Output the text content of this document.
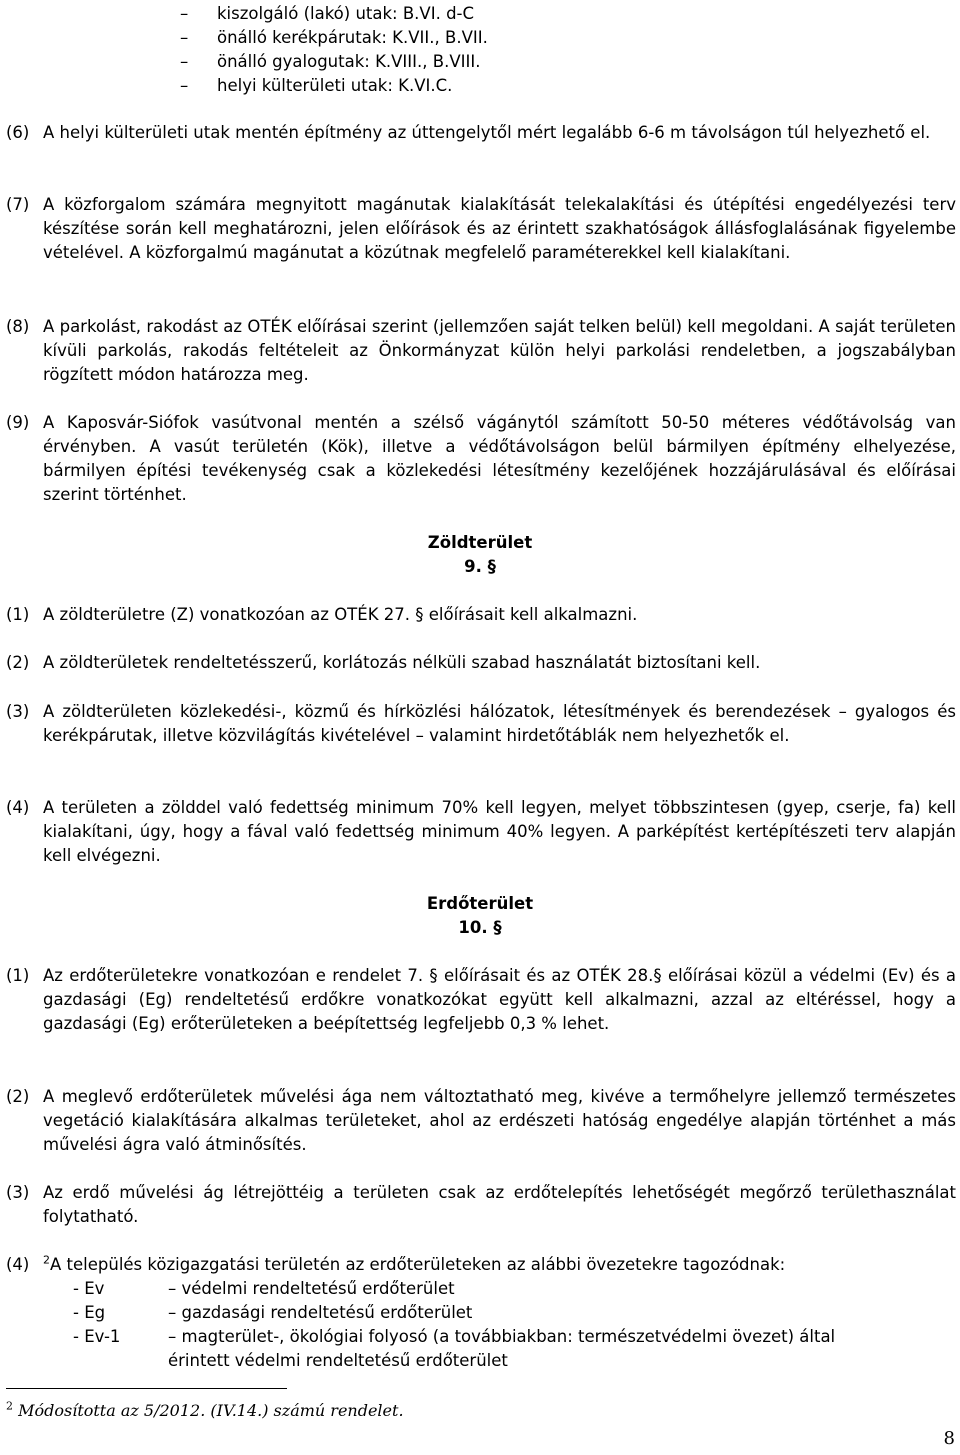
–	kiszolgáló (lakó) utak: B.VI. d-C
–	önálló kerékpárutak: K.VII., B.VII.
–	önálló gyalogutak: K.VIII., B.VIII.
–	helyi külterületi utak: K.VI.C.
(6) A helyi külterületi utak mentén építmény az úttengelytől mért legalább 6-6 m távolságon túl helyezhető el.
(7) A közforgalom számára megnyitott magánutak kialakítását telekalakítási és útépítési engedélyezési terv készítése során kell meghatározni, jelen előírások és az érintett szakhatóságok állásfoglalásának figyelembe vételével. A közforgalmú magánutat a közútnak megfelelő paraméterekkel kell kialakítani.
(8) A parkolást, rakodást az OTÉK előírásai szerint (jellemzően saját telken belül) kell megoldani. A saját területen kívüli parkolás, rakodás feltételeit az Önkormányzat külön helyi parkolási rendeletben, a jogszabályban rögzített módon határozza meg.
(9) A Kaposvár-Siófok vasútvonal mentén a szélső vágánytól számított 50-50 méteres védőtávolság van érvényben. A vasút területén (Kök), illetve a védőtávolságon belül bármilyen építmény elhelyezése, bármilyen építési tevékenység csak a közlekedési létesítmény kezelőjének hozzájárulásával és előírásai szerint történhet.
Zöldterület
9. §
(1) A zöldterületre (Z) vonatkozóan az OTÉK 27. § előírásait kell alkalmazni.
(2) A zöldterületek rendeltetésszerű, korlátozás nélküli szabad használatát biztosítani kell.
(3) A zöldterületen közlekedési-, közmű és hírközlési hálózatok, létesítmények és berendezések – gyalogos és kerékpárutak, illetve közvilágítás kivételével – valamint hirdetőtáblák nem helyezhetők el.
(4) A területen a zölddel való fedettség minimum 70% kell legyen, melyet többszintesen (gyep, cserje, fa) kell kialakítani, úgy, hogy a fával való fedettség minimum 40% legyen. A parképítést kertépítészeti terv alapján kell elvégezni.
Erdőterület
10. §
(1) Az erdőterületekre vonatkozóan e rendelet 7. § előírásait és az OTÉK 28.§ előírásai közül a védelmi (Ev) és a gazdasági (Eg) rendeltetésű erdőkre vonatkozókat együtt kell alkalmazni, azzal az eltéréssel, hogy a gazdasági (Eg) erőterületeken a beépítettség legfeljebb 0,3 % lehet.
(2) A meglevő erdőterületek művelési ága nem változtatható meg, kivéve a termőhelyre jellemző természetes vegetáció kialakítására alkalmas területeket, ahol az erdészeti hatóság engedélye alapján történhet a más művelési ágra való átminősítés.
(3) Az erdő művelési ág létrejöttéig a területen csak az erdőtelepítés lehetőségét megőrző területhasználat folytatható.
(4)	$^2$A település közigazgatási területén az erdőterületeken az alábbi övezetekre tagozódnak:
- Ev	– védelmi rendeltetésű erdőterület
- Eg	– gazdasági rendeltetésű erdőterület
- Ev-1	– magterület-, ökológiai folyosó (a továbbiakban: természetvédelmi övezet) által
érintett védelmi rendeltetésű erdőterület
$^2$ Módosította az 5/2012. (IV.14.) számú rendelet.
8
